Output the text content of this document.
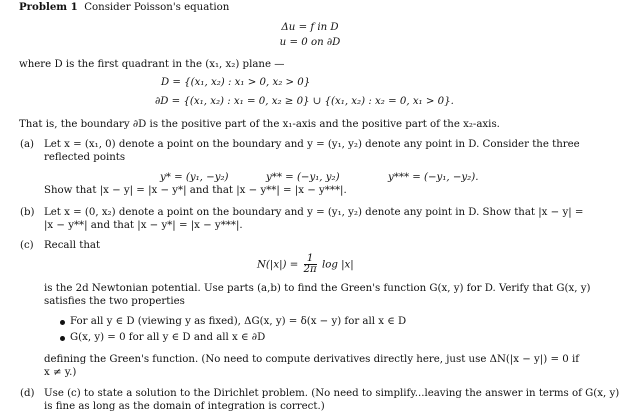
Problem 1 Consider Poisson's equation
Δu = f in D
u = 0 on ∂D
where D is the first quadrant in the (x₁, x₂) plane —
D = {(x₁, x₂) : x₁ > 0, x₂ > 0}
∂D = {(x₁, x₂) : x₁ = 0, x₂ ≥ 0} ∪ {(x₁, x₂) : x₂ = 0, x₁ > 0}.
That is, the boundary ∂D is the positive part of the x₁-axis and the positive part of the x₂-axis.
(a) Let x = (x₁, 0) denote a point on the boundary and y = (y₁, y₂) denote any point in D. Consider the three
reflected points
y* = (y₁, −y₂)	y** = (−y₁, y₂)	y*** = (−y₁, −y₂).
Show that |x − y| = |x − y*| and that |x − y**| = |x − y***|.
(b) Let x = (0, x₂) denote a point on the boundary and y = (y₁, y₂) denote any point in D. Show that |x − y| =
|x − y**| and that |x − y*| = |x − y***|.
(c) Recall that
$N(|x|) = \frac{1}{2\pi}$ log |x|
is the 2d Newtonian potential. Use parts (a,b) to find the Green's function G(x, y) for D. Verify that G(x, y)
satisfies the two properties
For all y ∈ D (viewing y as fixed), ΔG(x, y) = δ(x − y) for all x ∈ D
G(x, y) = 0 for all y ∈ D and all x ∈ ∂D
defining the Green's function. (No need to compute derivatives directly here, just use ΔN(|x − y|) = 0 if
x ≠ y.)
(d) Use (c) to state a solution to the Dirichlet problem. (No need to simplify...leaving the answer in terms of G(x, y)
is fine as long as the domain of integration is correct.)
